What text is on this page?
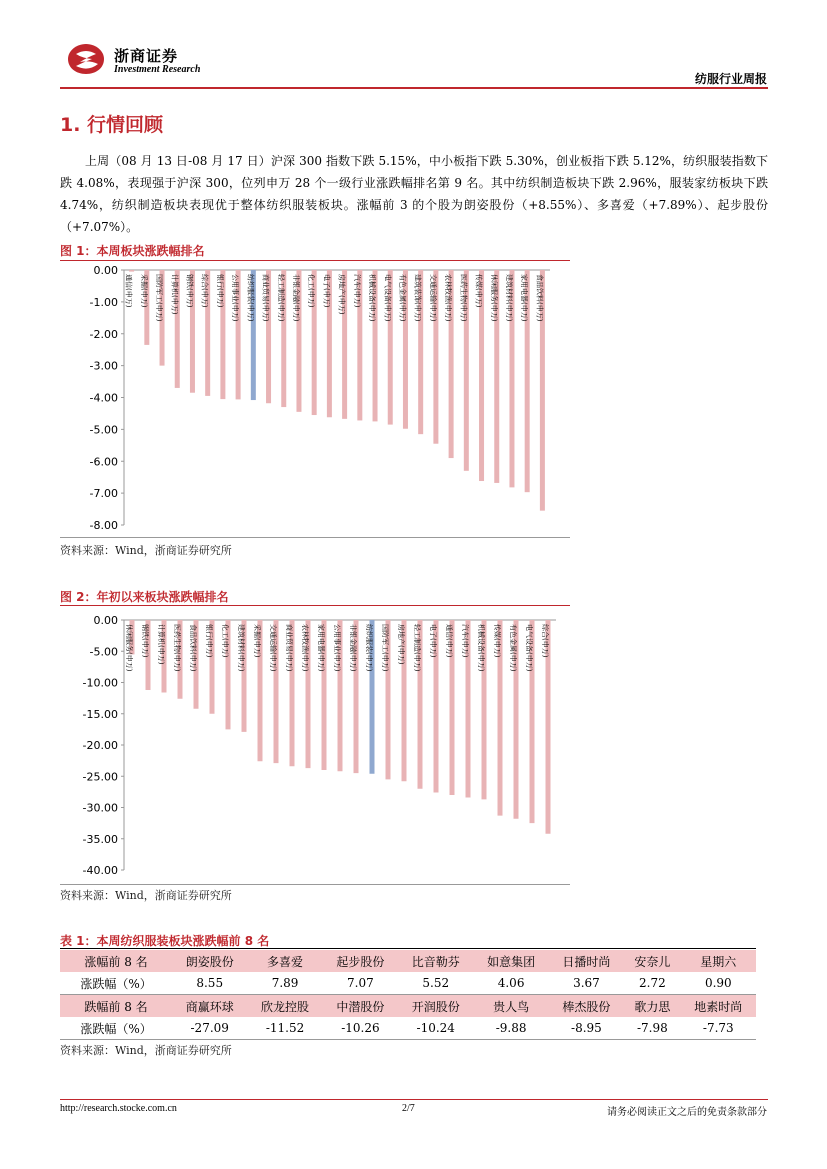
浙商证券
Investment Research
纺服行业周报
1. 行情回顾
上周（08 月 13 日-08 月 17 日）沪深 300 指数下跌 5.15%，中小板指下跌 5.30%，创业板指下跌 5.12%，纺织服装指数下跌 4.08%，表现强于沪深 300，位列申万 28 个一级行业涨跌幅排名第 9 名。其中纺织制造板块下跌 2.96%，服装家纺板块下跌 4.74%，纺织制造板块表现优于整体纺织服装板块。涨幅前 3 的个股为朗姿股份（+8.55%）、多喜爱（+7.89%）、起步股份（+7.07%）。
图 1：本周板块涨跌幅排名
0.00
-1.00
-2.00
-3.00
-4.00
-5.00
-6.00
-7.00
-8.00
通信(申万) 采掘(申万) 国防军工(申万) 计算机(申万) 钢铁(申万) 综合(申万) 银行(申万) 公用事业(申万) 纺织服装(申万) 商业贸易(申万) 轻工制造(申万) 非银金融(申万) 化工(申万) 电子(申万) 房地产(申万) 汽车(申万) 机械设备(申万) 电气设备(申万) 有色金属(申万) 建筑装饰(申万) 交通运输(申万) 农林牧渔(申万) 医药生物(申万) 传媒(申万) 休闲服务(申万) 建筑材料(申万) 家用电器(申万) 食品饮料(申万)
资料来源：Wind，浙商证券研究所
图 2：年初以来板块涨跌幅排名
0.00
-5.00
-10.00
-15.00
-20.00
-25.00
-30.00
-35.00
-40.00
休闲服务(申万) 钢铁(申万) 计算机(申万) 医药生物(申万) 食品饮料(申万) 银行(申万) 化工(申万) 建筑材料(申万) 采掘(申万) 交通运输(申万) 商业贸易(申万) 农林牧渔(申万) 家用电器(申万) 公用事业(申万) 非银金融(申万) 纺织服装(申万) 国防军工(申万) 房地产(申万) 轻工制造(申万) 电子(申万) 通信(申万) 汽车(申万) 机械设备(申万) 传媒(申万) 有色金属(申万) 电气设备(申万) 综合(申万)
资料来源：Wind，浙商证券研究所
表 1：本周纺织服装板块涨跌幅前 8 名
涨幅前 8 名	朗姿股份	多喜爱	起步股份	比音勒芬	如意集团	日播时尚	安奈儿	星期六
涨跌幅（%）	8.55	7.89	7.07	5.52	4.06	3.67	2.72	0.90
跌幅前 8 名	商赢环球	欣龙控股	中潜股份	开润股份	贵人鸟	棒杰股份	歌力思	地素时尚
涨跌幅（%）	-27.09	-11.52	-10.26	-10.24	-9.88	-8.95	-7.98	-7.73
资料来源：Wind，浙商证券研究所
http://research.stocke.com.cn	2/7	请务必阅读正文之后的免责条款部分
